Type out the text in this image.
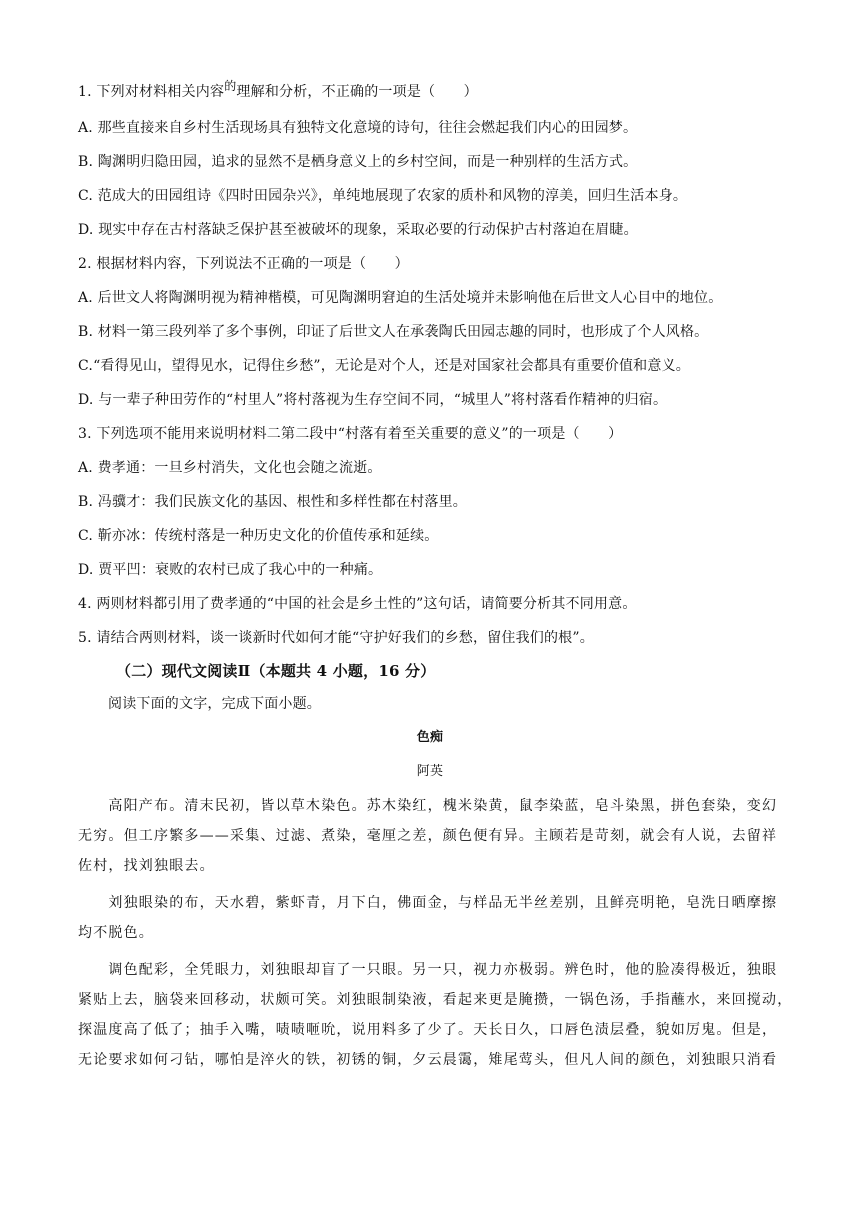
1. 下列对材料相关内容的理解和分析，不正确的一项是（　　）
A. 那些直接来自乡村生活现场具有独特文化意境的诗句，往往会燃起我们内心的田园梦。
B. 陶渊明归隐田园，追求的显然不是栖身意义上的乡村空间，而是一种别样的生活方式。
C. 范成大的田园组诗《四时田园杂兴》，单纯地展现了农家的质朴和风物的淳美，回归生活本身。
D. 现实中存在古村落缺乏保护甚至被破坏的现象，采取必要的行动保护古村落迫在眉睫。
2. 根据材料内容，下列说法不正确的一项是（　　）
A. 后世文人将陶渊明视为精神楷模，可见陶渊明窘迫的生活处境并未影响他在后世文人心目中的地位。
B. 材料一第三段列举了多个事例，印证了后世文人在承袭陶氏田园志趣的同时，也形成了个人风格。
C.“看得见山，望得见水，记得住乡愁”，无论是对个人，还是对国家社会都具有重要价值和意义。
D. 与一辈子种田劳作的“村里人”将村落视为生存空间不同，“城里人”将村落看作精神的归宿。
3. 下列选项不能用来说明材料二第二段中“村落有着至关重要的意义”的一项是（　　）
A. 费孝通：一旦乡村消失，文化也会随之流逝。
B. 冯骥才：我们民族文化的基因、根性和多样性都在村落里。
C. 靳亦冰：传统村落是一种历史文化的价值传承和延续。
D. 贾平凹：衰败的农村已成了我心中的一种痛。
4. 两则材料都引用了费孝通的“中国的社会是乡土性的”这句话，请简要分析其不同用意。
5. 请结合两则材料，谈一谈新时代如何才能“守护好我们的乡愁，留住我们的根”。
（二）现代文阅读Ⅱ（本题共 4 小题，16 分）
阅读下面的文字，完成下面小题。
色痴
阿英
　　高阳产布。清末民初，皆以草木染色。苏木染红，槐米染黄，鼠李染蓝，皂斗染黑，拼色套染，变幻
无穷。但工序繁多——采集、过滤、煮染，毫厘之差，颜色便有异。主顾若是苛刻，就会有人说，去留祥
佐村，找刘独眼去。
　　刘独眼染的布，天水碧，紫虾青，月下白，佛面金，与样品无半丝差别，且鲜亮明艳，皂洗日晒摩擦
均不脱色。
　　调色配彩，全凭眼力，刘独眼却盲了一只眼。另一只，视力亦极弱。辨色时，他的脸凑得极近，独眼
紧贴上去，脑袋来回移动，状颇可笑。刘独眼制染液，看起来更是腌攒，一锅色汤，手指蘸水，来回搅动，
探温度高了低了；抽手入嘴，啧啧咂吮，说用料多了少了。天长日久，口唇色渍层叠，貌如厉鬼。但是，
无论要求如何刁钻，哪怕是淬火的铁，初锈的铜，夕云晨霭，雉尾莺头，但凡人间的颜色，刘独眼只消看
